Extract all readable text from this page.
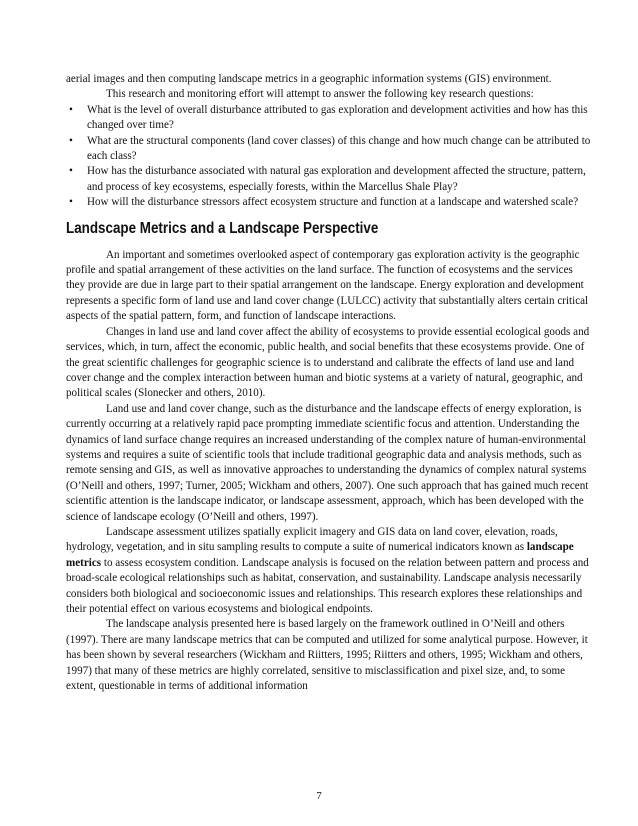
aerial images and then computing landscape metrics in a geographic information systems (GIS) environment.

This research and monitoring effort will attempt to answer the following key research questions:

• What is the level of overall disturbance attributed to gas exploration and development activities and how has this changed over time?
• What are the structural components (land cover classes) of this change and how much change can be attributed to each class?
• How has the disturbance associated with natural gas exploration and development affected the structure, pattern, and process of key ecosystems, especially forests, within the Marcellus Shale Play?
• How will the disturbance stressors affect ecosystem structure and function at a landscape and watershed scale?
Landscape Metrics and a Landscape Perspective

An important and sometimes overlooked aspect of contemporary gas exploration activity is the geographic profile and spatial arrangement of these activities on the land surface. The function of ecosystems and the services they provide are due in large part to their spatial arrangement on the landscape. Energy exploration and development represents a specific form of land use and land cover change (LULCC) activity that substantially alters certain critical aspects of the spatial pattern, form, and function of landscape interactions.

Changes in land use and land cover affect the ability of ecosystems to provide essential ecological goods and services, which, in turn, affect the economic, public health, and social benefits that these ecosystems provide. One of the great scientific challenges for geographic science is to understand and calibrate the effects of land use and land cover change and the complex interaction between human and biotic systems at a variety of natural, geographic, and political scales (Slonecker and others, 2010).

Land use and land cover change, such as the disturbance and the landscape effects of energy exploration, is currently occurring at a relatively rapid pace prompting immediate scientific focus and attention. Understanding the dynamics of land surface change requires an increased understanding of the complex nature of human-environmental systems and requires a suite of scientific tools that include traditional geographic data and analysis methods, such as remote sensing and GIS, as well as innovative approaches to understanding the dynamics of complex natural systems (O’Neill and others, 1997; Turner, 2005; Wickham and others, 2007). One such approach that has gained much recent scientific attention is the landscape indicator, or landscape assessment, approach, which has been developed with the science of landscape ecology (O’Neill and others, 1997).

Landscape assessment utilizes spatially explicit imagery and GIS data on land cover, elevation, roads, hydrology, vegetation, and in situ sampling results to compute a suite of numerical indicators known as landscape metrics to assess ecosystem condition. Landscape analysis is focused on the relation between pattern and process and broad-scale ecological relationships such as habitat, conservation, and sustainability. Landscape analysis necessarily considers both biological and socioeconomic issues and relationships. This research explores these relationships and their potential effect on various ecosystems and biological endpoints.

The landscape analysis presented here is based largely on the framework outlined in O’Neill and others (1997). There are many landscape metrics that can be computed and utilized for some analytical purpose. However, it has been shown by several researchers (Wickham and Riitters, 1995; Riitters and others, 1995; Wickham and others, 1997) that many of these metrics are highly correlated, sensitive to misclassification and pixel size, and, to some extent, questionable in terms of additional information

7
